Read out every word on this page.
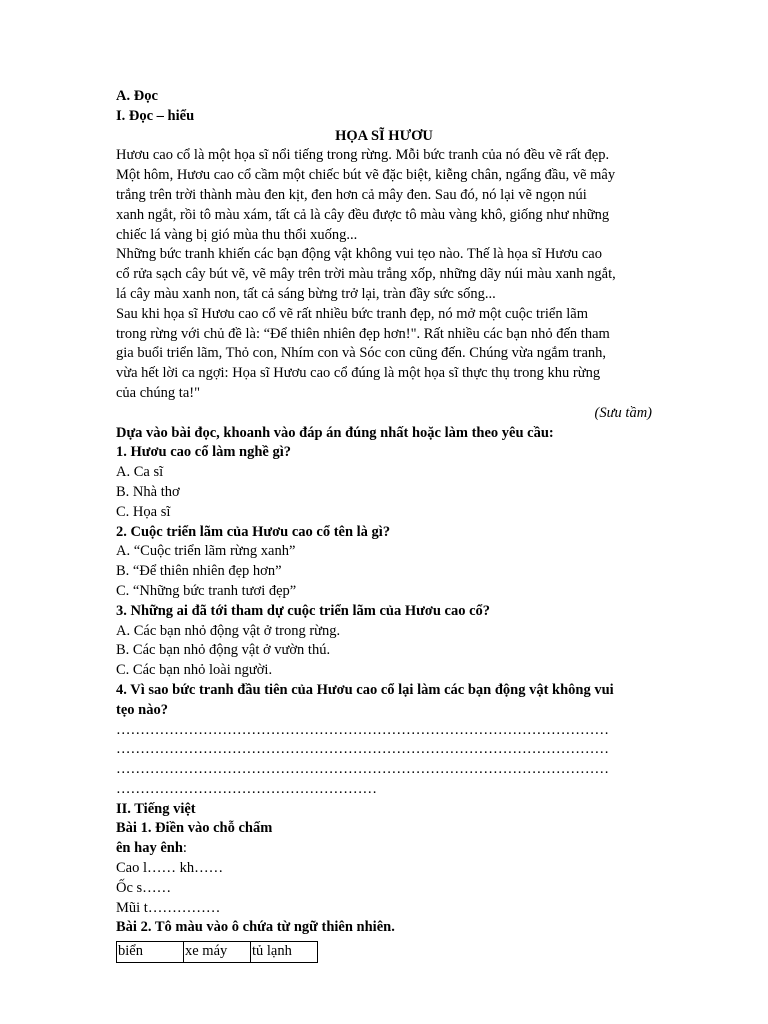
A. Đọc
I. Đọc – hiểu
HỌA SĨ HƯƠU
Hươu cao cổ là một họa sĩ nổi tiếng trong rừng. Mỗi bức tranh của nó đều vẽ rất đẹp.
Một hôm, Hươu cao cổ cầm một chiếc bút vẽ đặc biệt, kiễng chân, ngẩng đầu, vẽ mây
trắng trên trời thành màu đen kịt, đen hơn cả mây đen. Sau đó, nó lại vẽ ngọn núi
xanh ngắt, rồi tô màu xám, tất cả là cây đều được tô màu vàng khô, giống như những
chiếc lá vàng bị gió mùa thu thổi xuống...
Những bức tranh khiến các bạn động vật không vui tẹo nào. Thế là họa sĩ Hươu cao
cổ rửa sạch cây bút vẽ, vẽ mây trên trời màu trắng xốp, những dãy núi màu xanh ngắt,
lá cây màu xanh non, tất cả sáng bừng trở lại, tràn đầy sức sống...
Sau khi họa sĩ Hươu cao cổ vẽ rất nhiều bức tranh đẹp, nó mở một cuộc triển lãm
trong rừng với chủ đề là: “Để thiên nhiên đẹp hơn!". Rất nhiều các bạn nhỏ đến tham
gia buổi triển lãm, Thỏ con, Nhím con và Sóc con cũng đến. Chúng vừa ngắm tranh,
vừa hết lời ca ngợi: Họa sĩ Hươu cao cổ đúng là một họa sĩ thực thụ trong khu rừng
của chúng ta!"
(Sưu tầm)
Dựa vào bài đọc, khoanh vào đáp án đúng nhất hoặc làm theo yêu cầu:
1. Hươu cao cổ làm nghề gì?
A. Ca sĩ
B. Nhà thơ
C. Họa sĩ
2. Cuộc triển lãm của Hươu cao cổ tên là gì?
A. “Cuộc triển lãm rừng xanh”
B. “Để thiên nhiên đẹp hơn”
C. “Những bức tranh tươi đẹp”
3. Những ai đã tới tham dự cuộc triển lãm của Hươu cao cổ?
A. Các bạn nhỏ động vật ở trong rừng.
B. Các bạn nhỏ động vật ở vườn thú.
C. Các bạn nhỏ loài người.
4. Vì sao bức tranh đầu tiên của Hươu cao cổ lại làm các bạn động vật không vui
tẹo nào?
…………………………………………………………………………………………
…………………………………………………………………………………………
…………………………………………………………………………………………
………………………………………………
II. Tiếng việt
Bài 1. Điền vào chỗ chấm
ên hay ênh:
Cao l…… kh……
Ốc s……
Mũi t……………
Bài 2. Tô màu vào ô chứa từ ngữ thiên nhiên.
biển	xe máy	tủ lạnh
